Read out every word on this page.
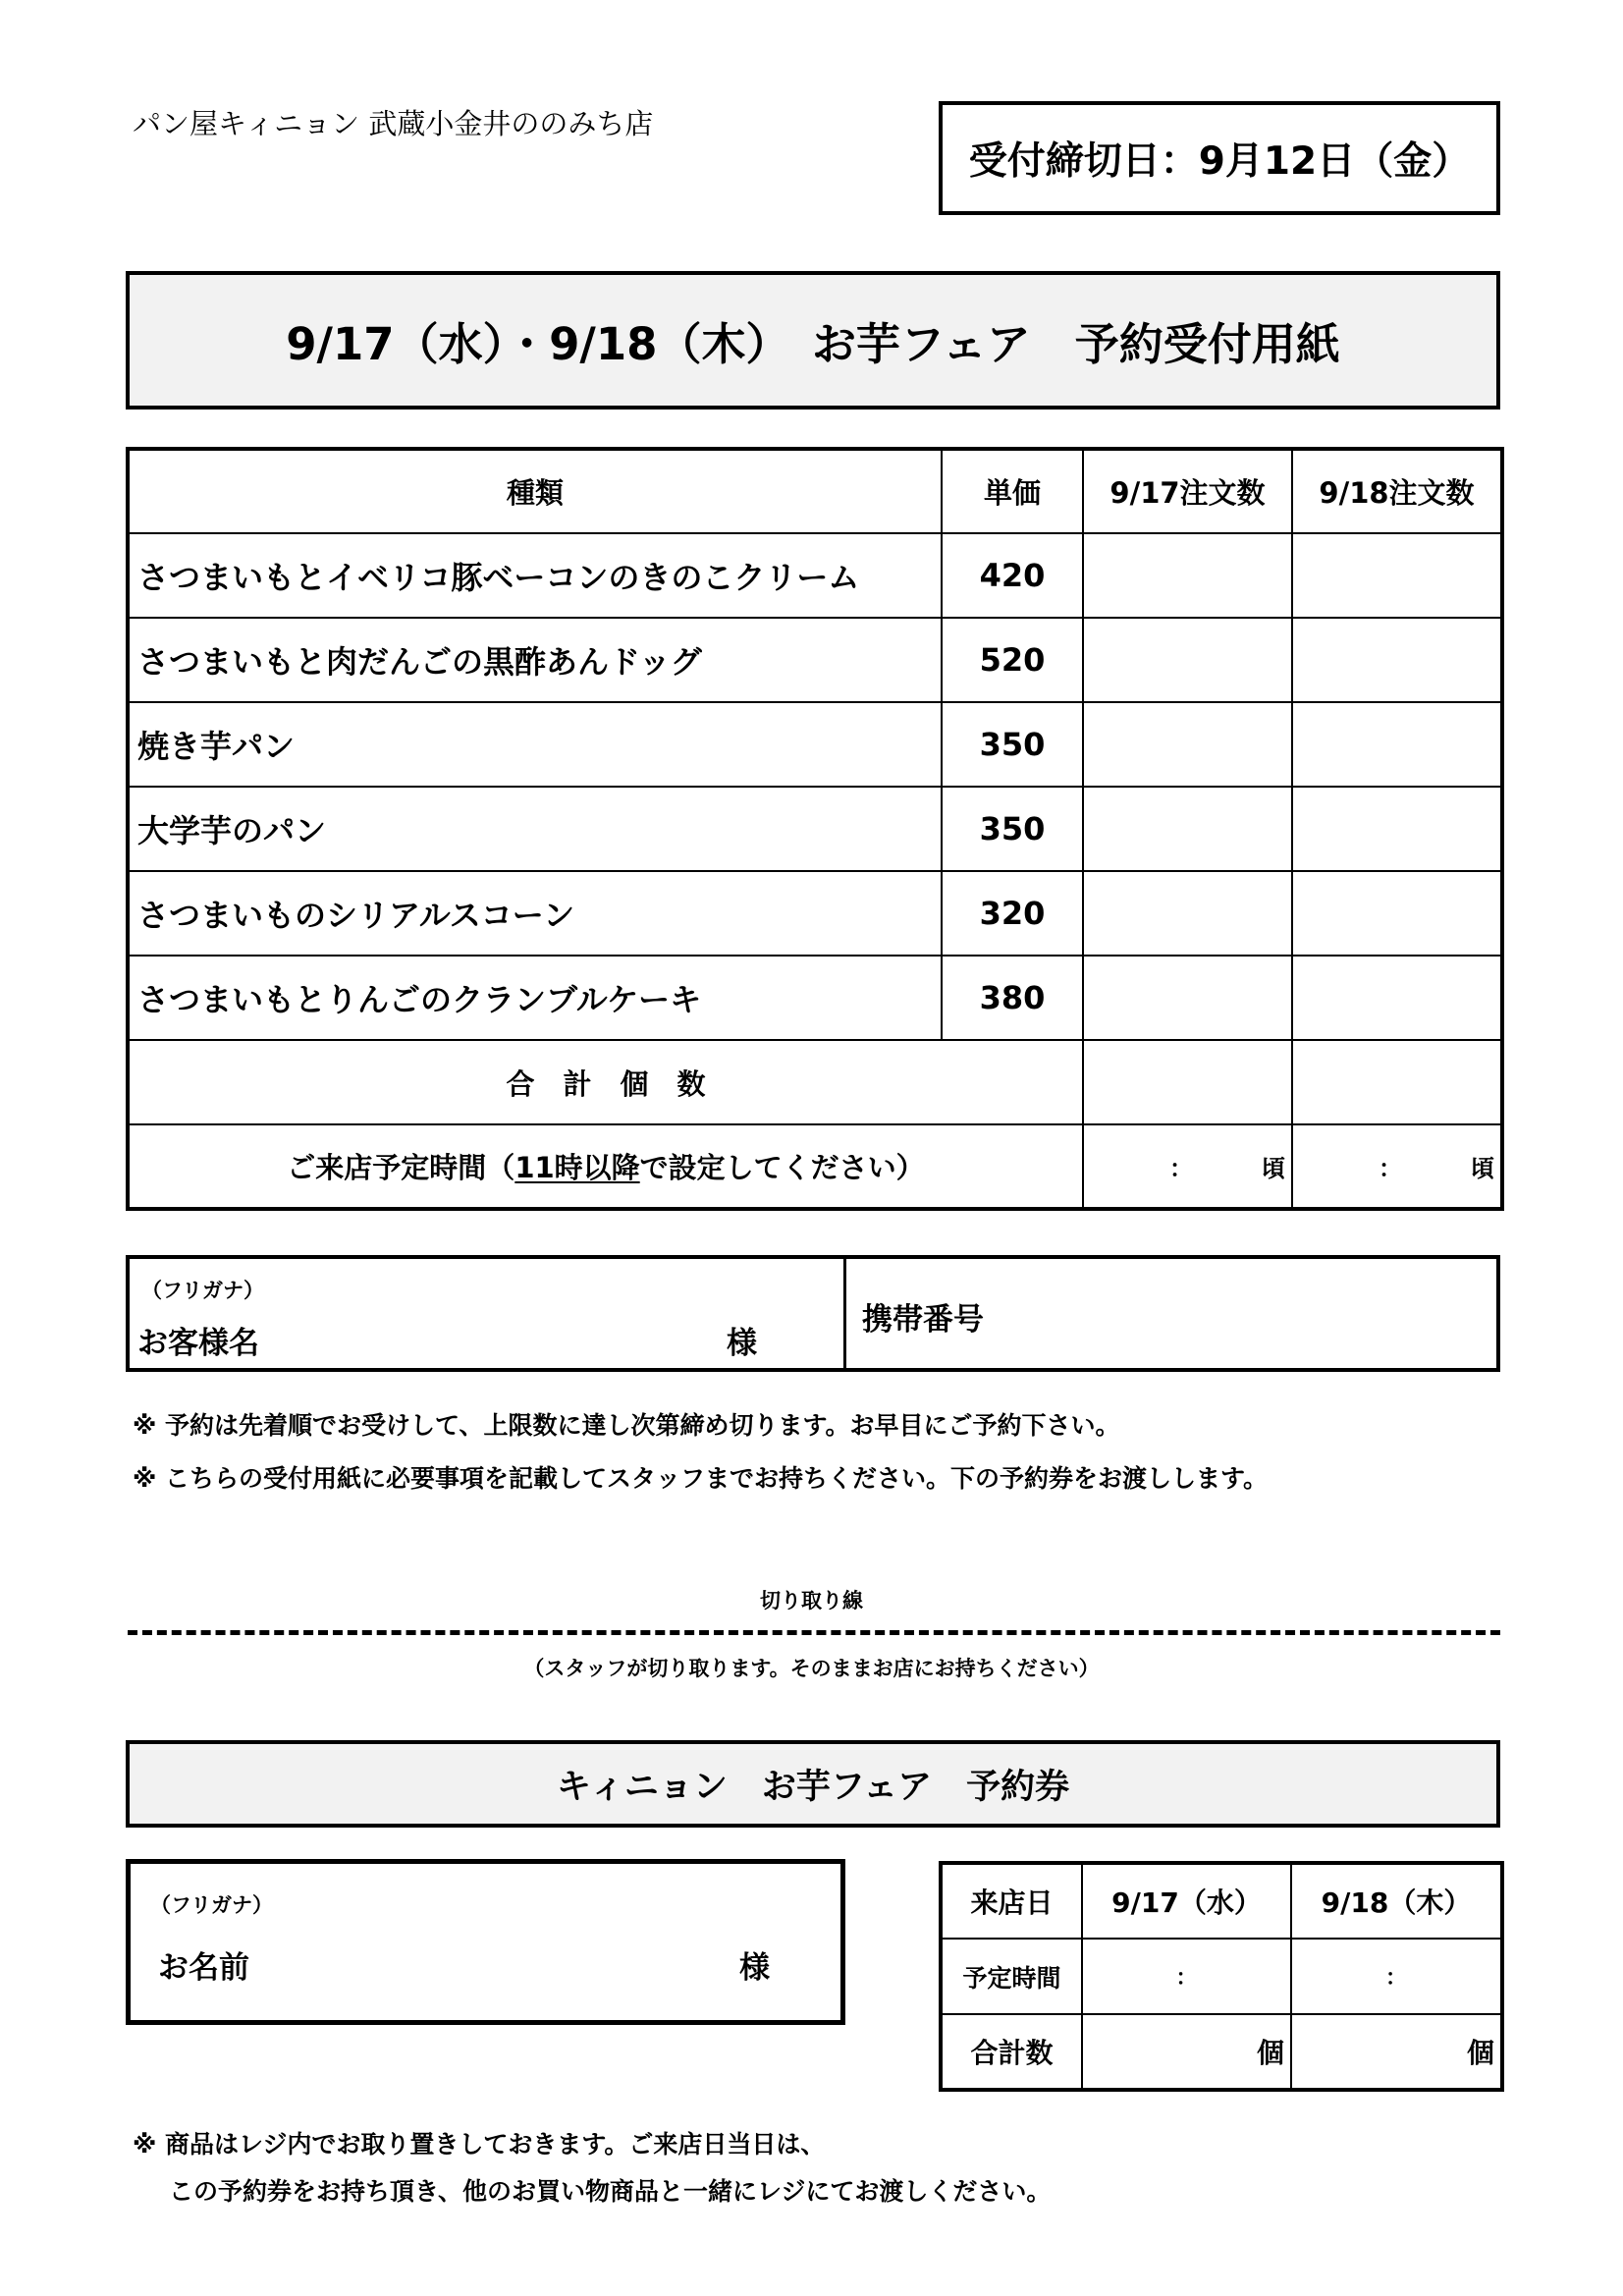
パン屋キィニョン 武蔵小金井ののみち店
受付締切日：9月12日（金）
9/17（水）・9/18（木）　お芋フェア　予約受付用紙
種類	単価	9/17注文数	9/18注文数
さつまいもとイベリコ豚ベーコンのきのこクリーム	420		
さつまいもと肉だんごの黒酢あんドッグ	520		
焼き芋パン	350		
大学芋のパン	350		
さつまいものシリアルスコーン	320		
さつまいもとりんごのクランブルケーキ	380		
合　計　個　数			
ご来店予定時間（11時以降で設定してください）		： 頃	： 頃
（フリガナ）
お客様名	様
携帯番号
※ 予約は先着順でお受けして、上限数に達し次第締め切ります。お早目にご予約下さい。
※ こちらの受付用紙に必要事項を記載してスタッフまでお持ちください。下の予約券をお渡しします。
切り取り線
（スタッフが切り取ります。そのままお店にお持ちください）
キィニョン　お芋フェア　予約券
（フリガナ）
お名前	様
来店日	9/17（水）	9/18（木）
予定時間	：	：
合計数	個	個
※ 商品はレジ内でお取り置きしておきます。ご来店日当日は、
この予約券をお持ち頂き、他のお買い物商品と一緒にレジにてお渡しください。
